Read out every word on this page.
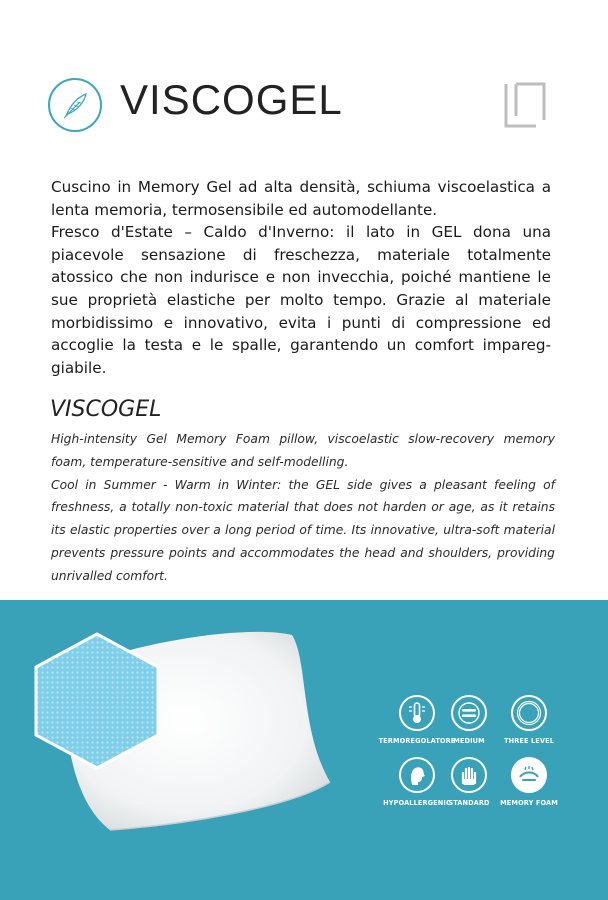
VISCOGEL

Cuscino in Memory Gel ad alta densità, schiuma viscoelastica a lenta memoria, termosensibile ed automodellante.

Fresco d'Estate – Caldo d'Inverno: il lato in GEL dona una piacevole sensazione di freschezza, materiale totalmente atossico che non indurisce e non invecchia, poiché mantiene le sue proprietà elastiche per molto tempo. Grazie al materiale morbidissimo e innovativo, evita i punti di compressione ed accoglie la testa e le spalle, garantendo un comfort impareg-giabile.

VISCOGEL

High-intensity Gel Memory Foam pillow, viscoelastic slow-recovery memory foam, temperature-sensitive and self-modelling.

Cool in Summer - Warm in Winter: the GEL side gives a pleasant feeling of freshness, a totally non-toxic material that does not harden or age, as it retains its elastic properties over a long period of time. Its innovative, ultra-soft material prevents pressure points and accommodates the head and shoulders, providing unrivalled comfort.

TERMOREGOLATORE
MEDIUM	THREE LEVEL
HYPOALLERGENIC
STANDARD	MEMORY FOAM
